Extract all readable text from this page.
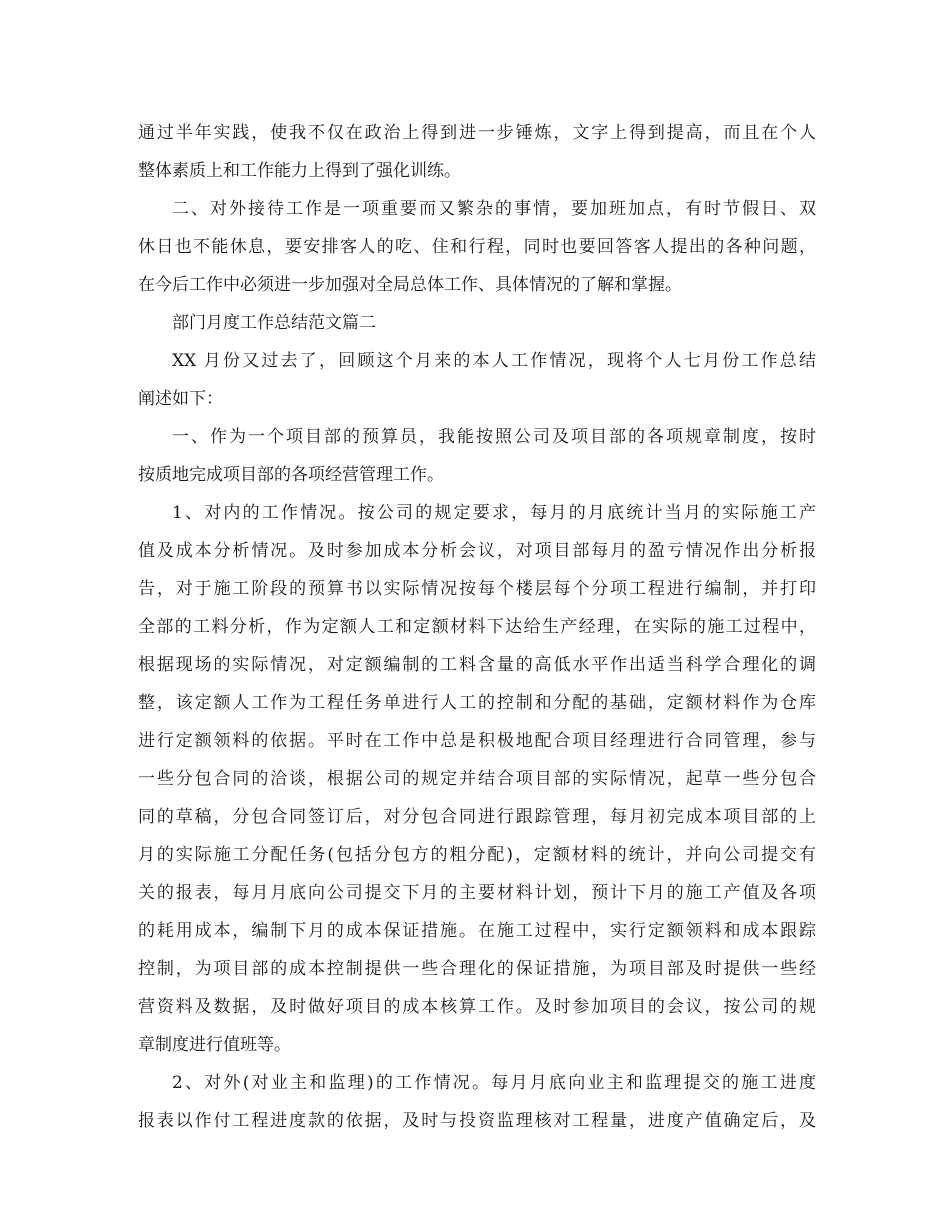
通过半年实践，使我不仅在政治上得到进一步锤炼，文字上得到提高，而且在个人
整体素质上和工作能力上得到了强化训练。
二、对外接待工作是一项重要而又繁杂的事情，要加班加点，有时节假日、双
休日也不能休息，要安排客人的吃、住和行程，同时也要回答客人提出的各种问题，
在今后工作中必须进一步加强对全局总体工作、具体情况的了解和掌握。
部门月度工作总结范文篇二
XX 月份又过去了，回顾这个月来的本人工作情况，现将个人七月份工作总结
阐述如下：
一、作为一个项目部的预算员，我能按照公司及项目部的各项规章制度，按时
按质地完成项目部的各项经营管理工作。
1、对内的工作情况。按公司的规定要求，每月的月底统计当月的实际施工产
值及成本分析情况。及时参加成本分析会议，对项目部每月的盈亏情况作出分析报
告，对于施工阶段的预算书以实际情况按每个楼层每个分项工程进行编制，并打印
全部的工料分析，作为定额人工和定额材料下达给生产经理，在实际的施工过程中，
根据现场的实际情况，对定额编制的工料含量的高低水平作出适当科学合理化的调
整，该定额人工作为工程任务单进行人工的控制和分配的基础，定额材料作为仓库
进行定额领料的依据。平时在工作中总是积极地配合项目经理进行合同管理，参与
一些分包合同的洽谈，根据公司的规定并结合项目部的实际情况，起草一些分包合
同的草稿，分包合同签订后，对分包合同进行跟踪管理，每月初完成本项目部的上
月的实际施工分配任务(包括分包方的粗分配)，定额材料的统计，并向公司提交有
关的报表，每月月底向公司提交下月的主要材料计划，预计下月的施工产值及各项
的耗用成本，编制下月的成本保证措施。在施工过程中，实行定额领料和成本跟踪
控制，为项目部的成本控制提供一些合理化的保证措施，为项目部及时提供一些经
营资料及数据，及时做好项目的成本核算工作。及时参加项目的会议，按公司的规
章制度进行值班等。
2、对外(对业主和监理)的工作情况。每月月底向业主和监理提交的施工进度
报表以作付工程进度款的依据，及时与投资监理核对工程量，进度产值确定后，及
